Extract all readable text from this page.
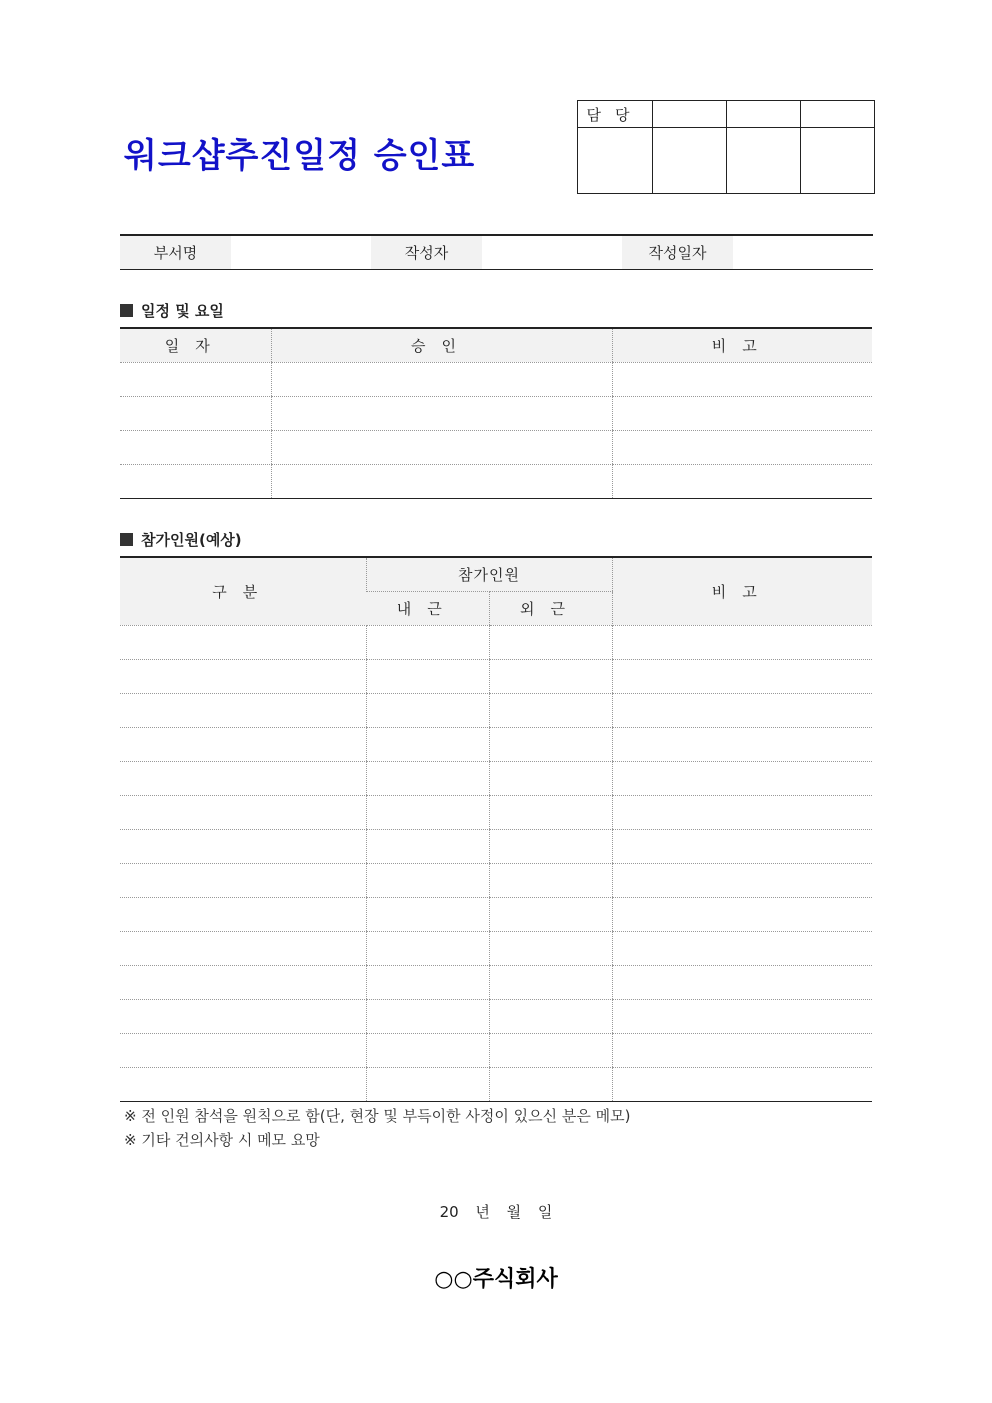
워크샵추진일정 승인표
담당			

부서명		작성자		작성일자	
일정 및 요일
일자	승인	비고

참가인원(예상)
구분	참가인원		비고
	내근	외근	

※ 전 인원 참석을 원칙으로 함(단, 현장 및 부득이한 사정이 있으신 분은 메모)
※ 기타 건의사항 시 메모 요망
20 년 월 일
○○주식회사
